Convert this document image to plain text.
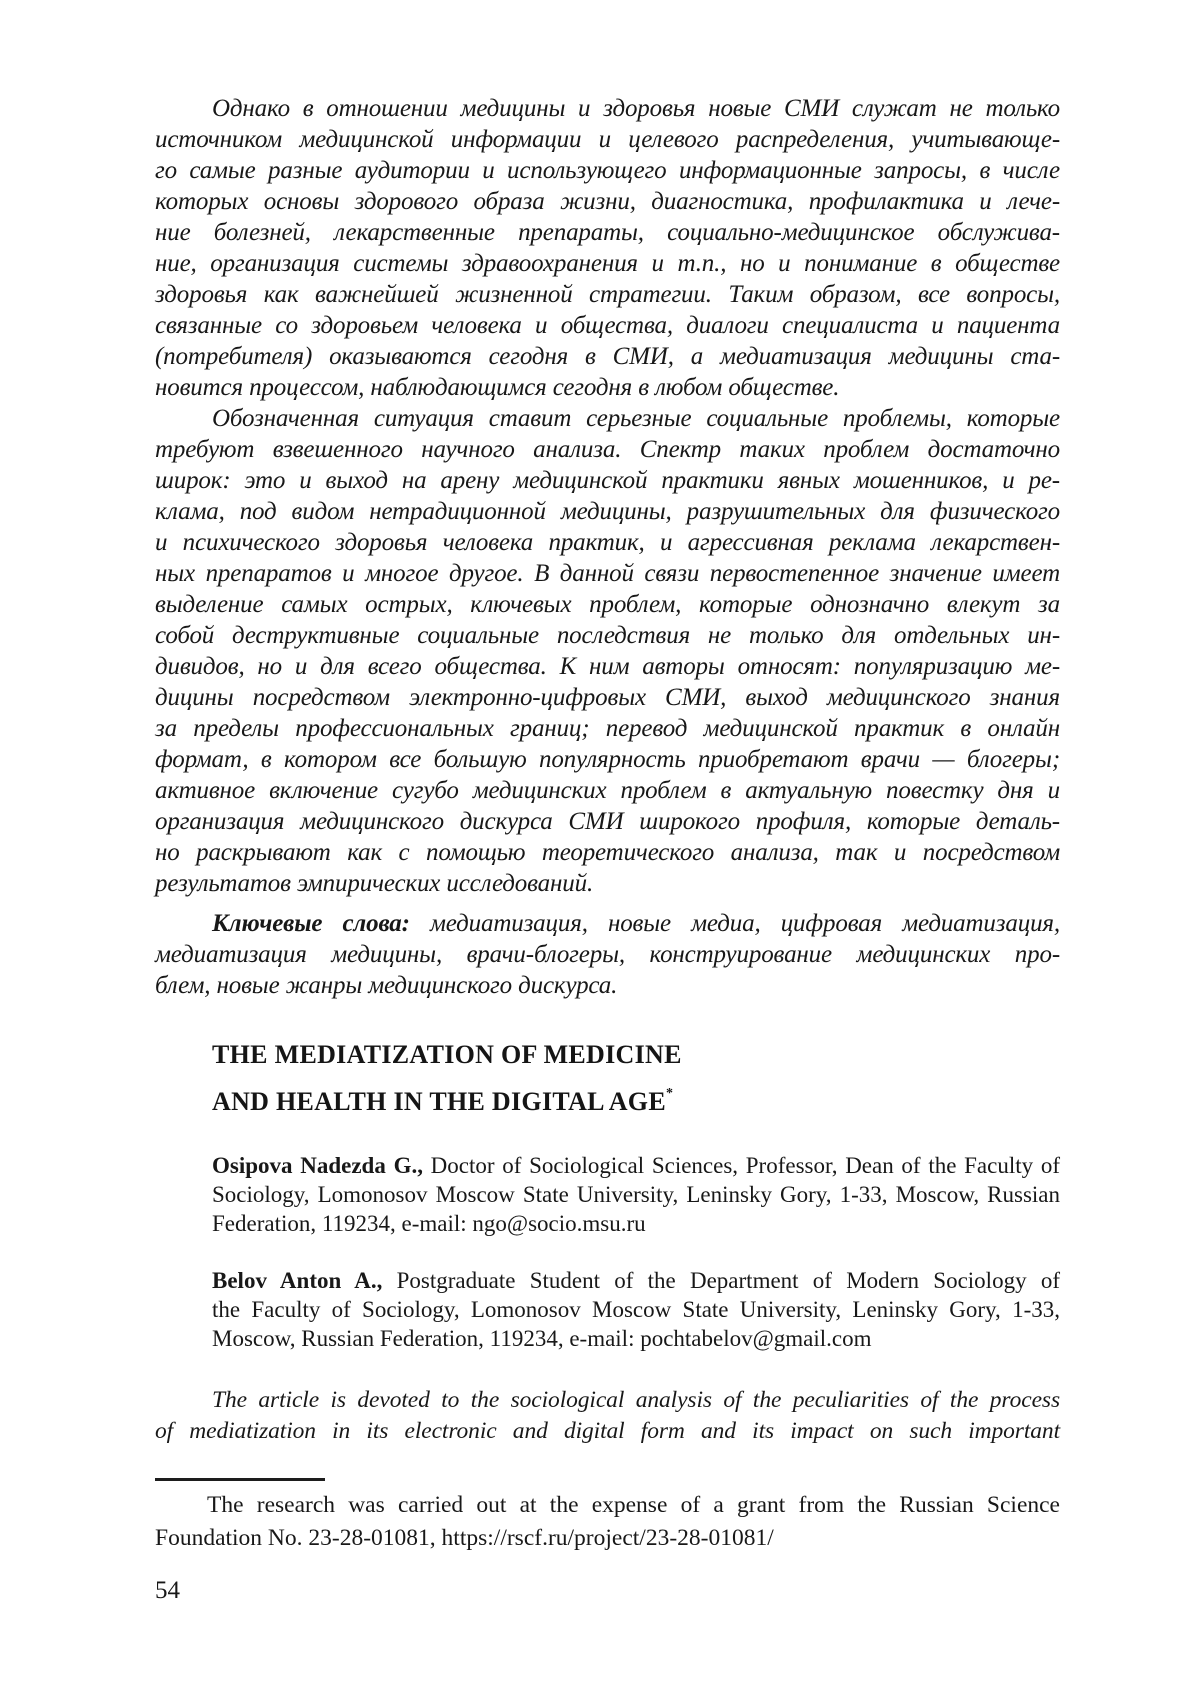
Однако в отношении медицины и здоровья новые СМИ служат не только
источником медицинской информации и целевого распределения, учитывающе-
го самые разные аудитории и использующего информационные запросы, в числе
которых основы здорового образа жизни, диагностика, профилактика и лече-
ние болезней, лекарственные препараты, социально-медицинское обслужива-
ние, организация системы здравоохранения и т.п., но и понимание в обществе
здоровья как важнейшей жизненной стратегии. Таким образом, все вопросы,
связанные со здоровьем человека и общества, диалоги специалиста и пациента
(потребителя) оказываются сегодня в СМИ, а медиатизация медицины ста-
новится процессом, наблюдающимся сегодня в любом обществе.
Обозначенная ситуация ставит серьезные социальные проблемы, которые
требуют взвешенного научного анализа. Спектр таких проблем достаточно
широк: это и выход на арену медицинской практики явных мошенников, и ре-
клама, под видом нетрадиционной медицины, разрушительных для физического
и психического здоровья человека практик, и агрессивная реклама лекарствен-
ных препаратов и многое другое. В данной связи первостепенное значение имеет
выделение самых острых, ключевых проблем, которые однозначно влекут за
собой деструктивные социальные последствия не только для отдельных ин-
дивидов, но и для всего общества. К ним авторы относят: популяризацию ме-
дицины посредством электронно-цифровых СМИ, выход медицинского знания
за пределы профессиональных границ; перевод медицинской практик в онлайн
формат, в котором все большую популярность приобретают врачи — блогеры;
активное включение сугубо медицинских проблем в актуальную повестку дня и
организация медицинского дискурса СМИ широкого профиля, которые деталь-
но раскрывают как с помощью теоретического анализа, так и посредством
результатов эмпирических исследований.
Ключевые слова: медиатизация, новые медиа, цифровая медиатизация,
медиатизация медицины, врачи-блогеры, конструирование медицинских про-
блем, новые жанры медицинского дискурса.
THE MEDIATIZATION OF MEDICINE
AND HEALTH IN THE DIGITAL AGE*
Osipova Nadezda G., Doctor of Sociological Sciences, Professor, Dean of the Faculty of
Sociology, Lomonosov Moscow State University, Leninsky Gory, 1-33, Moscow, Russian
Federation, 119234, e-mail: ngo@socio.msu.ru
Belov Anton A., Postgraduate Student of the Department of Modern Sociology of
the Faculty of Sociology, Lomonosov Moscow State University, Leninsky Gory, 1-33,
Moscow, Russian Federation, 119234, e-mail: pochtabelov@gmail.com
The article is devoted to the sociological analysis of the peculiarities of the process
of mediatization in its electronic and digital form and its impact on such important
The research was carried out at the expense of a grant from the Russian Science
Foundation No. 23-28-01081, https://rscf.ru/project/23-28-01081/
54
